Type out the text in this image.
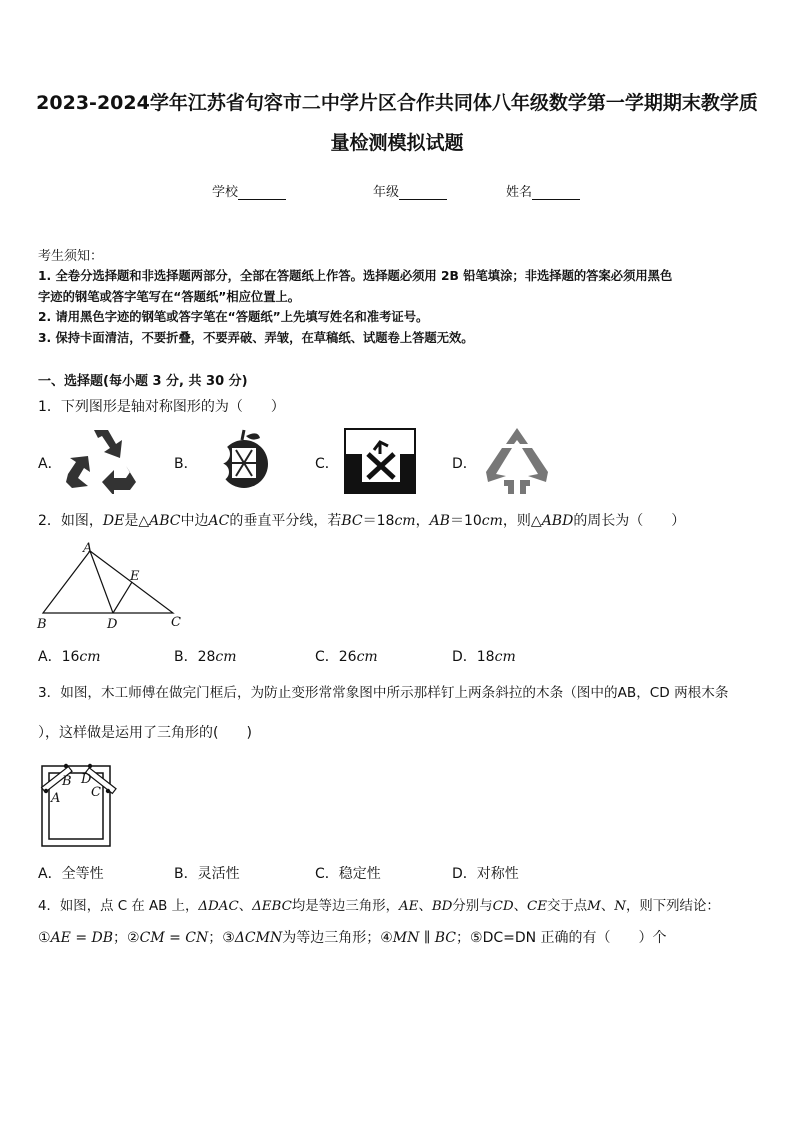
2023-2024学年江苏省句容市二中学片区合作共同体八年级数学第一学期期末教学质
量检测模拟试题
学校	年级	姓名
考生须知：
1. 全卷分选择题和非选择题两部分，全部在答题纸上作答。选择题必须用 2B 铅笔填涂；非选择题的答案必须用黑色
字迹的钢笔或答字笔写在“答题纸”相应位置上。
2. 请用黑色字迹的钢笔或答字笔在“答题纸”上先填写姓名和准考证号。
3. 保持卡面清洁，不要折叠，不要弄破、弄皱，在草稿纸、试题卷上答题无效。
一、选择题(每小题 3 分, 共 30 分)
1．下列图形是轴对称图形的为（　　）
A．	B．	C．	D．
2．如图，DE是△ABC中边AC的垂直平分线，若BC＝18cm，AB＝10cm，则△ABD的周长为（　　）
A
B	D	C
E
A．16cm	B．28cm	C．26cm	D．18cm
3．如图，木工师傅在做完门框后，为防止变形常常象图中所示那样钉上两条斜拉的木条（图中的AB，CD 两根木条
），这样做是运用了三角形的(　　)
A
B D
C
A．全等性	B．灵活性	C．稳定性	D．对称性
4．如图，点 C 在 AB 上，ΔDAC、ΔEBC均是等边三角形，AE、BD分别与CD、CE交于点M、N，则下列结论：
①AE = DB；②CM = CN；③ΔCMN为等边三角形；④MN ∥ BC；⑤DC=DN 正确的有（　　）个
